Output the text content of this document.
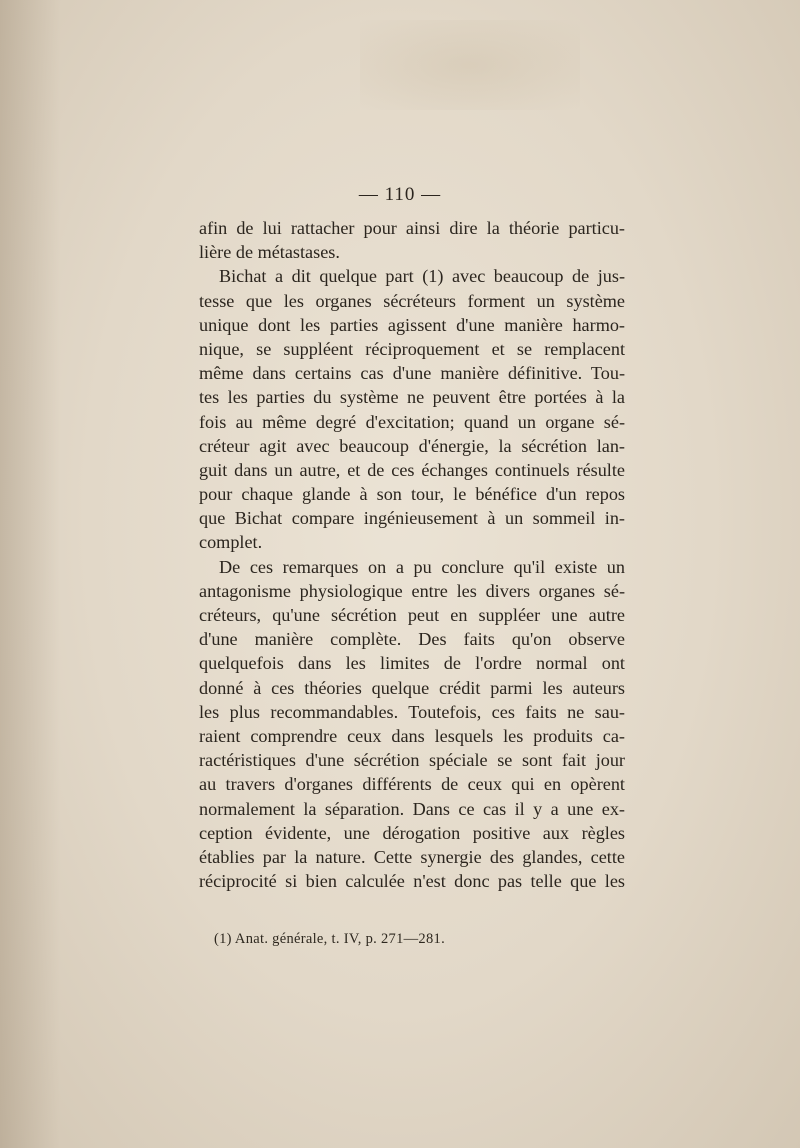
— 110 —
afin de lui rattacher pour ainsi dire la théorie particu-
lière de métastases.
Bichat a dit quelque part (1) avec beaucoup de jus-
tesse que les organes sécréteurs forment un système
unique dont les parties agissent d'une manière harmo-
nique, se suppléent réciproquement et se remplacent
même dans certains cas d'une manière définitive. Tou-
tes les parties du système ne peuvent être portées à la
fois au même degré d'excitation; quand un organe sé-
créteur agit avec beaucoup d'énergie, la sécrétion lan-
guit dans un autre, et de ces échanges continuels résulte
pour chaque glande à son tour, le bénéfice d'un repos
que Bichat compare ingénieusement à un sommeil in-
complet.
De ces remarques on a pu conclure qu'il existe un
antagonisme physiologique entre les divers organes sé-
créteurs, qu'une sécrétion peut en suppléer une autre
d'une manière complète. Des faits qu'on observe
quelquefois dans les limites de l'ordre normal ont
donné à ces théories quelque crédit parmi les auteurs
les plus recommandables. Toutefois, ces faits ne sau-
raient comprendre ceux dans lesquels les produits ca-
ractéristiques d'une sécrétion spéciale se sont fait jour
au travers d'organes différents de ceux qui en opèrent
normalement la séparation. Dans ce cas il y a une ex-
ception évidente, une dérogation positive aux règles
établies par la nature. Cette synergie des glandes, cette
réciprocité si bien calculée n'est donc pas telle que les
(1) Anat. générale, t. IV, p. 271—281.
